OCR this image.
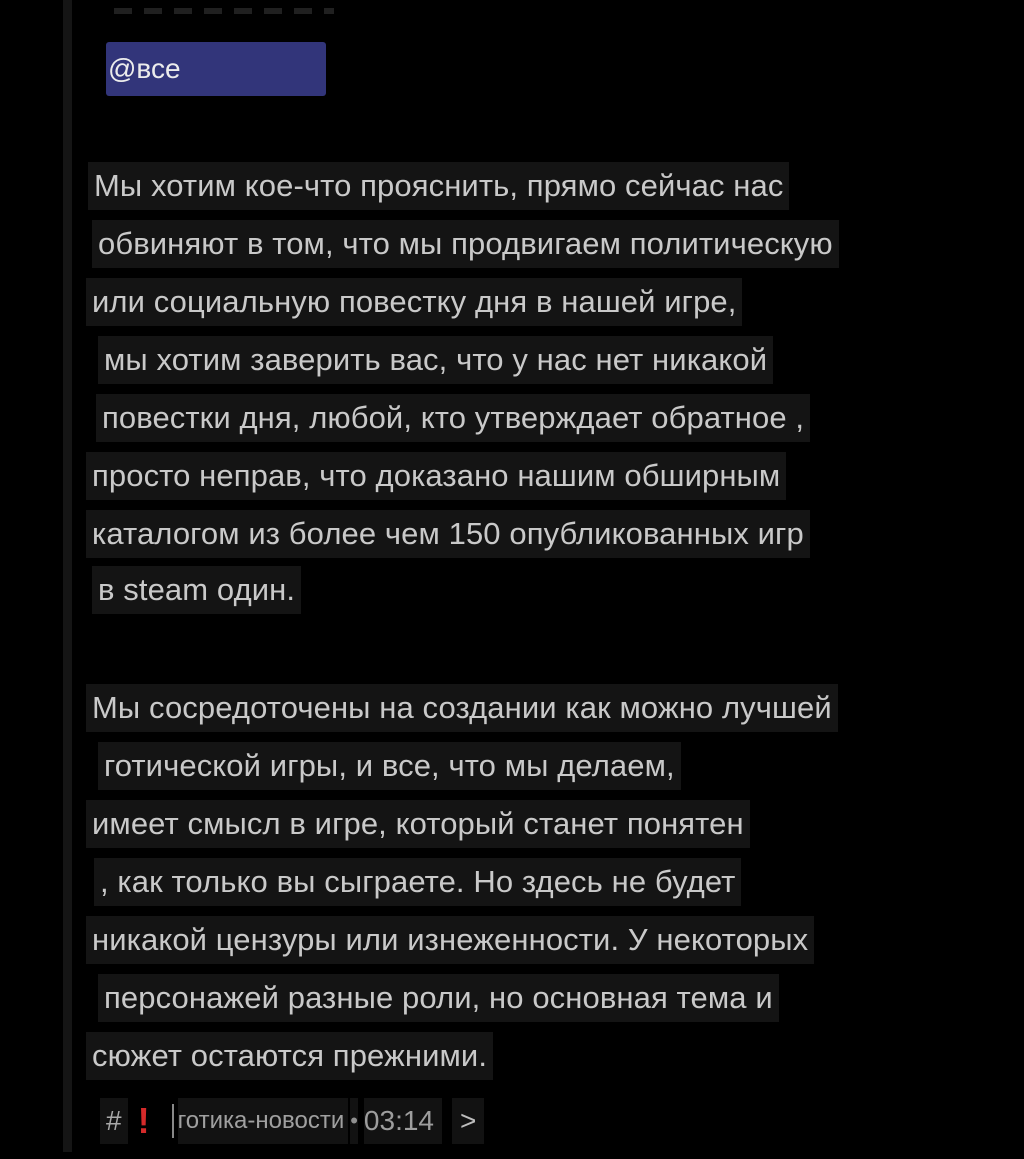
@все
Мы хотим кое-что прояснить, прямо сейчас нас
обвиняют в том, что мы продвигаем политическую
или социальную повестку дня в нашей игре,
мы хотим заверить вас, что у нас нет никакой
повестки дня, любой, кто утверждает обратное ,
просто неправ, что доказано нашим обширным
каталогом из более чем 150 опубликованных игр
в steam один.
Мы сосредоточены на создании как можно лучшей
готической игры, и все, что мы делаем,
имеет смысл в игре, который станет понятен
, как только вы сыграете. Но здесь не будет
никакой цензуры или изнеженности. У некоторых
персонажей разные роли, но основная тема и
сюжет остаются прежними.
# ! готика-новости • 03:14 >
